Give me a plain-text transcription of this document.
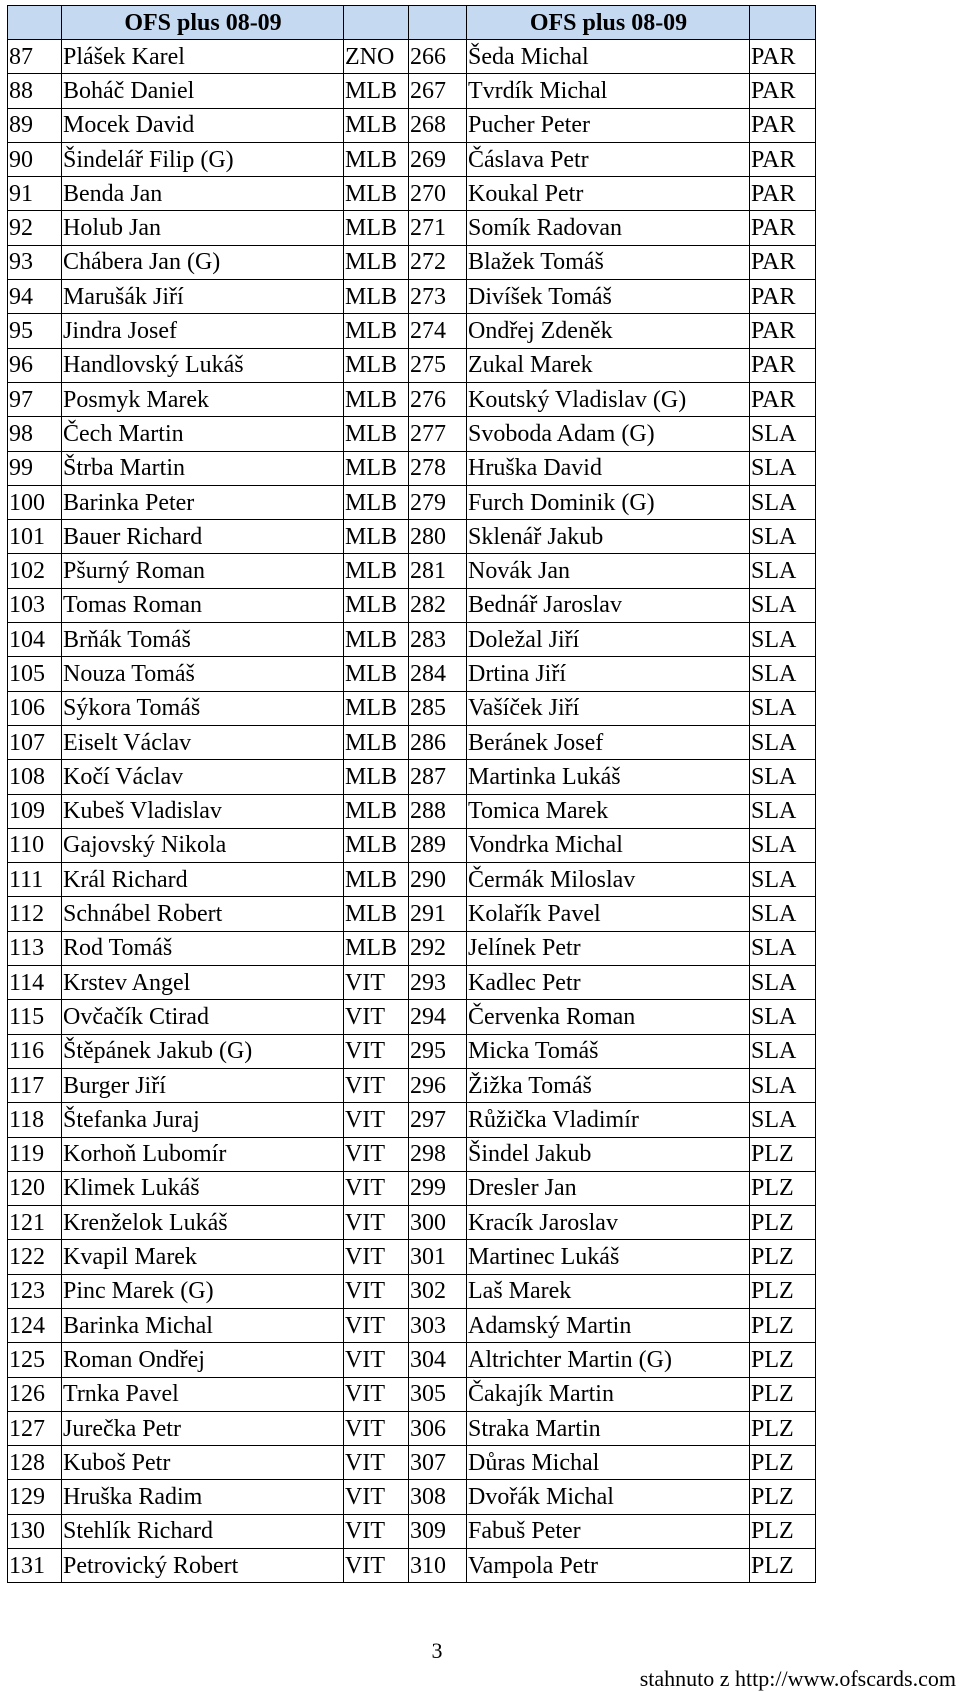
	OFS plus 08-09			OFS plus 08-09	
87	Plášek Karel	ZNO	266	Šeda Michal	PAR
88	Boháč Daniel	MLB	267	Tvrdík Michal	PAR
89	Mocek David	MLB	268	Pucher Peter	PAR
90	Šindelář Filip (G)	MLB	269	Čáslava Petr	PAR
91	Benda Jan	MLB	270	Koukal Petr	PAR
92	Holub Jan	MLB	271	Somík Radovan	PAR
93	Chábera Jan (G)	MLB	272	Blažek Tomáš	PAR
94	Marušák Jiří	MLB	273	Divíšek Tomáš	PAR
95	Jindra Josef	MLB	274	Ondřej Zdeněk	PAR
96	Handlovský Lukáš	MLB	275	Zukal Marek	PAR
97	Posmyk Marek	MLB	276	Koutský Vladislav (G)	PAR
98	Čech Martin	MLB	277	Svoboda Adam (G)	SLA
99	Štrba Martin	MLB	278	Hruška David	SLA
100	Barinka Peter	MLB	279	Furch Dominik (G)	SLA
101	Bauer Richard	MLB	280	Sklenář Jakub	SLA
102	Pšurný Roman	MLB	281	Novák Jan	SLA
103	Tomas Roman	MLB	282	Bednář Jaroslav	SLA
104	Brňák Tomáš	MLB	283	Doležal Jiří	SLA
105	Nouza Tomáš	MLB	284	Drtina Jiří	SLA
106	Sýkora Tomáš	MLB	285	Vašíček Jiří	SLA
107	Eiselt Václav	MLB	286	Beránek Josef	SLA
108	Kočí Václav	MLB	287	Martinka Lukáš	SLA
109	Kubeš Vladislav	MLB	288	Tomica Marek	SLA
110	Gajovský Nikola	MLB	289	Vondrka Michal	SLA
111	Král Richard	MLB	290	Čermák Miloslav	SLA
112	Schnábel Robert	MLB	291	Kolařík Pavel	SLA
113	Rod Tomáš	MLB	292	Jelínek Petr	SLA
114	Krstev Angel	VIT	293	Kadlec Petr	SLA
115	Ovčačík Ctirad	VIT	294	Červenka Roman	SLA
116	Štěpánek Jakub (G)	VIT	295	Micka Tomáš	SLA
117	Burger Jiří	VIT	296	Žižka Tomáš	SLA
118	Štefanka Juraj	VIT	297	Růžička Vladimír	SLA
119	Korhoň Lubomír	VIT	298	Šindel Jakub	PLZ
120	Klimek Lukáš	VIT	299	Dresler Jan	PLZ
121	Krenželok Lukáš	VIT	300	Kracík Jaroslav	PLZ
122	Kvapil Marek	VIT	301	Martinec Lukáš	PLZ
123	Pinc Marek (G)	VIT	302	Laš Marek	PLZ
124	Barinka Michal	VIT	303	Adamský Martin	PLZ
125	Roman Ondřej	VIT	304	Altrichter Martin (G)	PLZ
126	Trnka Pavel	VIT	305	Čakajík Martin	PLZ
127	Jurečka Petr	VIT	306	Straka Martin	PLZ
128	Kuboš Petr	VIT	307	Důras Michal	PLZ
129	Hruška Radim	VIT	308	Dvořák Michal	PLZ
130	Stehlík Richard	VIT	309	Fabuš Peter	PLZ
131	Petrovický Robert	VIT	310	Vampola Petr	PLZ
3
stahnuto z http://www.ofscards.com
